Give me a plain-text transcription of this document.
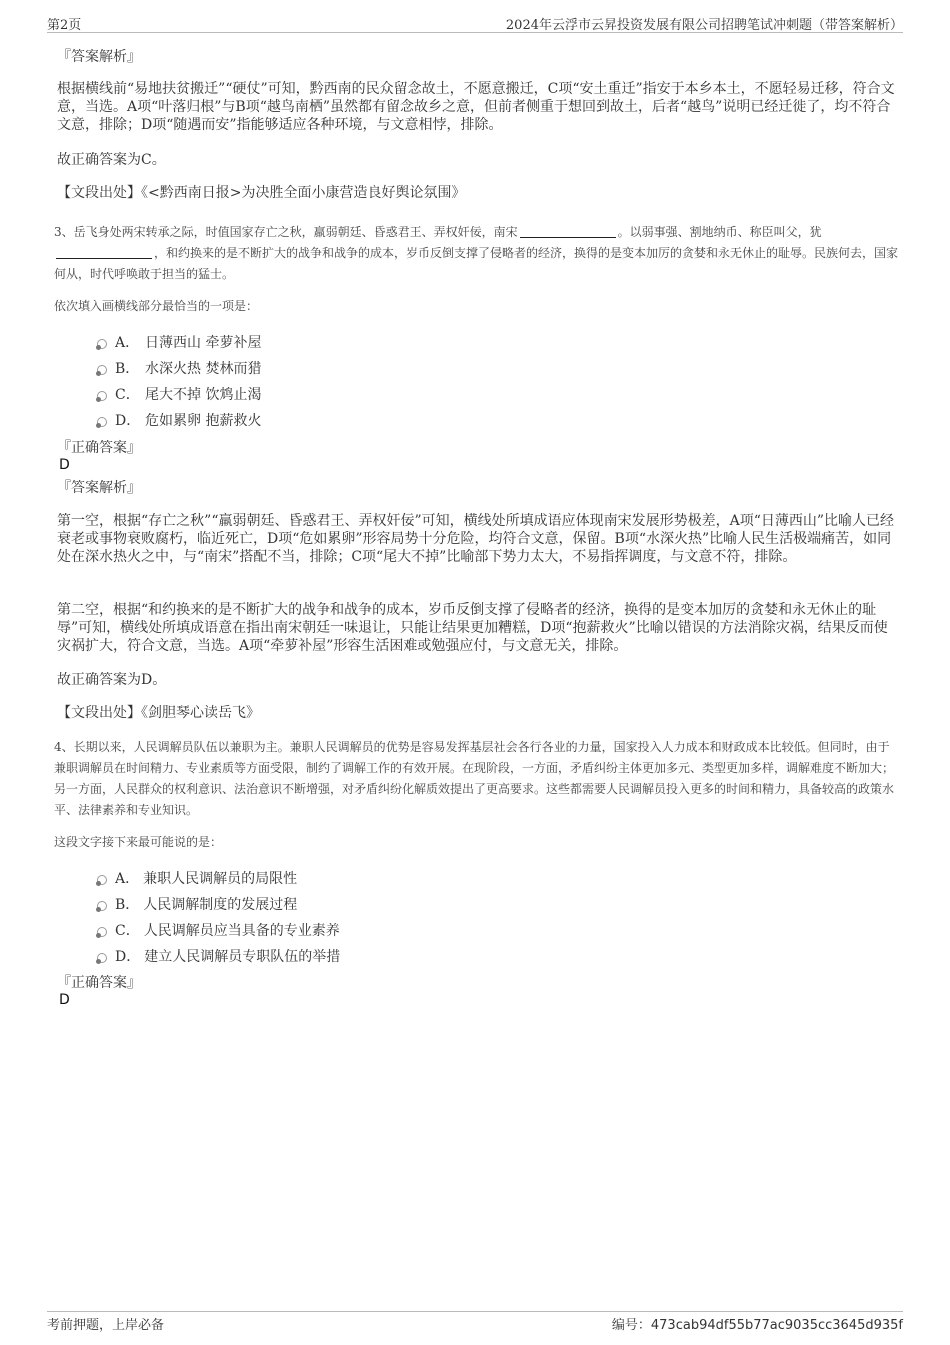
第2页	2024年云浮市云昇投资发展有限公司招聘笔试冲刺题（带答案解析）
『答案解析』
根据横线前“易地扶贫搬迁”“硬仗”可知，黔西南的民众留念故土，不愿意搬迁，C项“安土重迁”指安于本乡本土，不愿轻易迁移，符合文意，当选。A项“叶落归根”与B项“越鸟南栖”虽然都有留念故乡之意，但前者侧重于想回到故土，后者“越鸟”说明已经迁徙了，均不符合文意，排除；D项“随遇而安”指能够适应各种环境，与文意相悖，排除。
故正确答案为C。
【文段出处】《<黔西南日报>为决胜全面小康营造良好舆论氛围》
3、岳飞身处两宋转承之际，时值国家存亡之秋，羸弱朝廷、昏惑君王、弄权奸佞，南宋	。以弱事强、割地纳币、称臣叫父，犹，和约换来的是不断扩大的战争和战争的成本，岁币反倒支撑了侵略者的经济，换得的是变本加厉的贪婪和永无休止的耻辱。民族何去，国家何从，时代呼唤敢于担当的猛士。
依次填入画横线部分最恰当的一项是：
A． 日薄西山 牵萝补屋
B． 水深火热 焚林而猎
C． 尾大不掉 饮鸩止渴
D． 危如累卵 抱薪救火
『正确答案』
D
『答案解析』
第一空，根据“存亡之秋”“羸弱朝廷、昏惑君王、弄权奸佞”可知，横线处所填成语应体现南宋发展形势极差，A项“日薄西山”比喻人已经衰老或事物衰败腐朽，临近死亡，D项“危如累卵”形容局势十分危险，均符合文意，保留。B项“水深火热”比喻人民生活极端痛苦，如同处在深水热火之中，与“南宋”搭配不当，排除；C项“尾大不掉”比喻部下势力太大，不易指挥调度，与文意不符，排除。
第二空，根据“和约换来的是不断扩大的战争和战争的成本，岁币反倒支撑了侵略者的经济，换得的是变本加厉的贪婪和永无休止的耻辱”可知，横线处所填成语意在指出南宋朝廷一味退让，只能让结果更加糟糕，D项“抱薪救火”比喻以错误的方法消除灾祸，结果反而使灾祸扩大，符合文意，当选。A项“牵萝补屋”形容生活困难或勉强应付，与文意无关，排除。
故正确答案为D。
【文段出处】《剑胆琴心读岳飞》
4、长期以来，人民调解员队伍以兼职为主。兼职人民调解员的优势是容易发挥基层社会各行各业的力量，国家投入人力成本和财政成本比较低。但同时，由于兼职调解员在时间精力、专业素质等方面受限，制约了调解工作的有效开展。在现阶段，一方面，矛盾纠纷主体更加多元、类型更加多样，调解难度不断加大；另一方面，人民群众的权利意识、法治意识不断增强，对矛盾纠纷化解质效提出了更高要求。这些都需要人民调解员投入更多的时间和精力，具备较高的政策水平、法律素养和专业知识。
这段文字接下来最可能说的是：
A． 兼职人民调解员的局限性
B． 人民调解制度的发展过程
C． 人民调解员应当具备的专业素养
D． 建立人民调解员专职队伍的举措
『正确答案』
D
考前押题，上岸必备	编号：473cab94df55b77ac9035cc3645d935f
